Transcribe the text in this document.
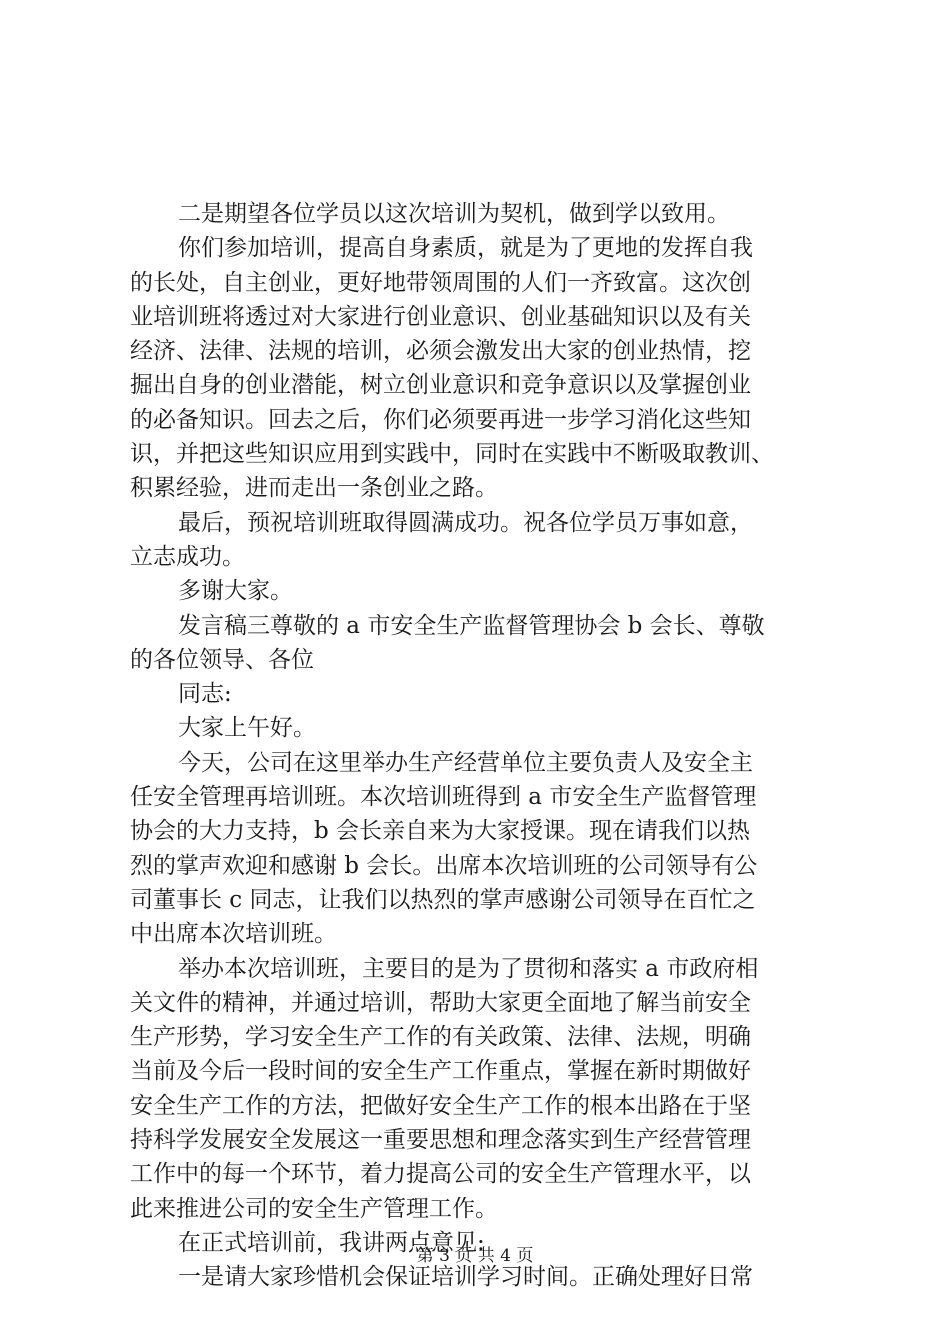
二是期望各位学员以这次培训为契机，做到学以致用。
你们参加培训，提高自身素质，就是为了更地的发挥自我
的长处，自主创业，更好地带领周围的人们一齐致富。这次创
业培训班将透过对大家进行创业意识、创业基础知识以及有关
经济、法律、法规的培训，必须会激发出大家的创业热情，挖
掘出自身的创业潜能，树立创业意识和竞争意识以及掌握创业
的必备知识。回去之后，你们必须要再进一步学习消化这些知
识，并把这些知识应用到实践中，同时在实践中不断吸取教训、
积累经验，进而走出一条创业之路。
最后，预祝培训班取得圆满成功。祝各位学员万事如意，
立志成功。
多谢大家。
发言稿三尊敬的 a 市安全生产监督管理协会 b 会长、尊敬
的各位领导、各位
同志:
大家上午好。
今天，公司在这里举办生产经营单位主要负责人及安全主
任安全管理再培训班。本次培训班得到 a 市安全生产监督管理
协会的大力支持，b 会长亲自来为大家授课。现在请我们以热
烈的掌声欢迎和感谢 b 会长。出席本次培训班的公司领导有公
司董事长 c 同志，让我们以热烈的掌声感谢公司领导在百忙之
中出席本次培训班。
举办本次培训班，主要目的是为了贯彻和落实 a 市政府相
关文件的精神，并通过培训，帮助大家更全面地了解当前安全
生产形势，学习安全生产工作的有关政策、法律、法规，明确
当前及今后一段时间的安全生产工作重点，掌握在新时期做好
安全生产工作的方法，把做好安全生产工作的根本出路在于坚
持科学发展安全发展这一重要思想和理念落实到生产经营管理
工作中的每一个环节，着力提高公司的安全生产管理水平，以
此来推进公司的安全生产管理工作。
在正式培训前，我讲两点意见:
一是请大家珍惜机会保证培训学习时间。正确处理好日常
第 3 页 共 4 页
